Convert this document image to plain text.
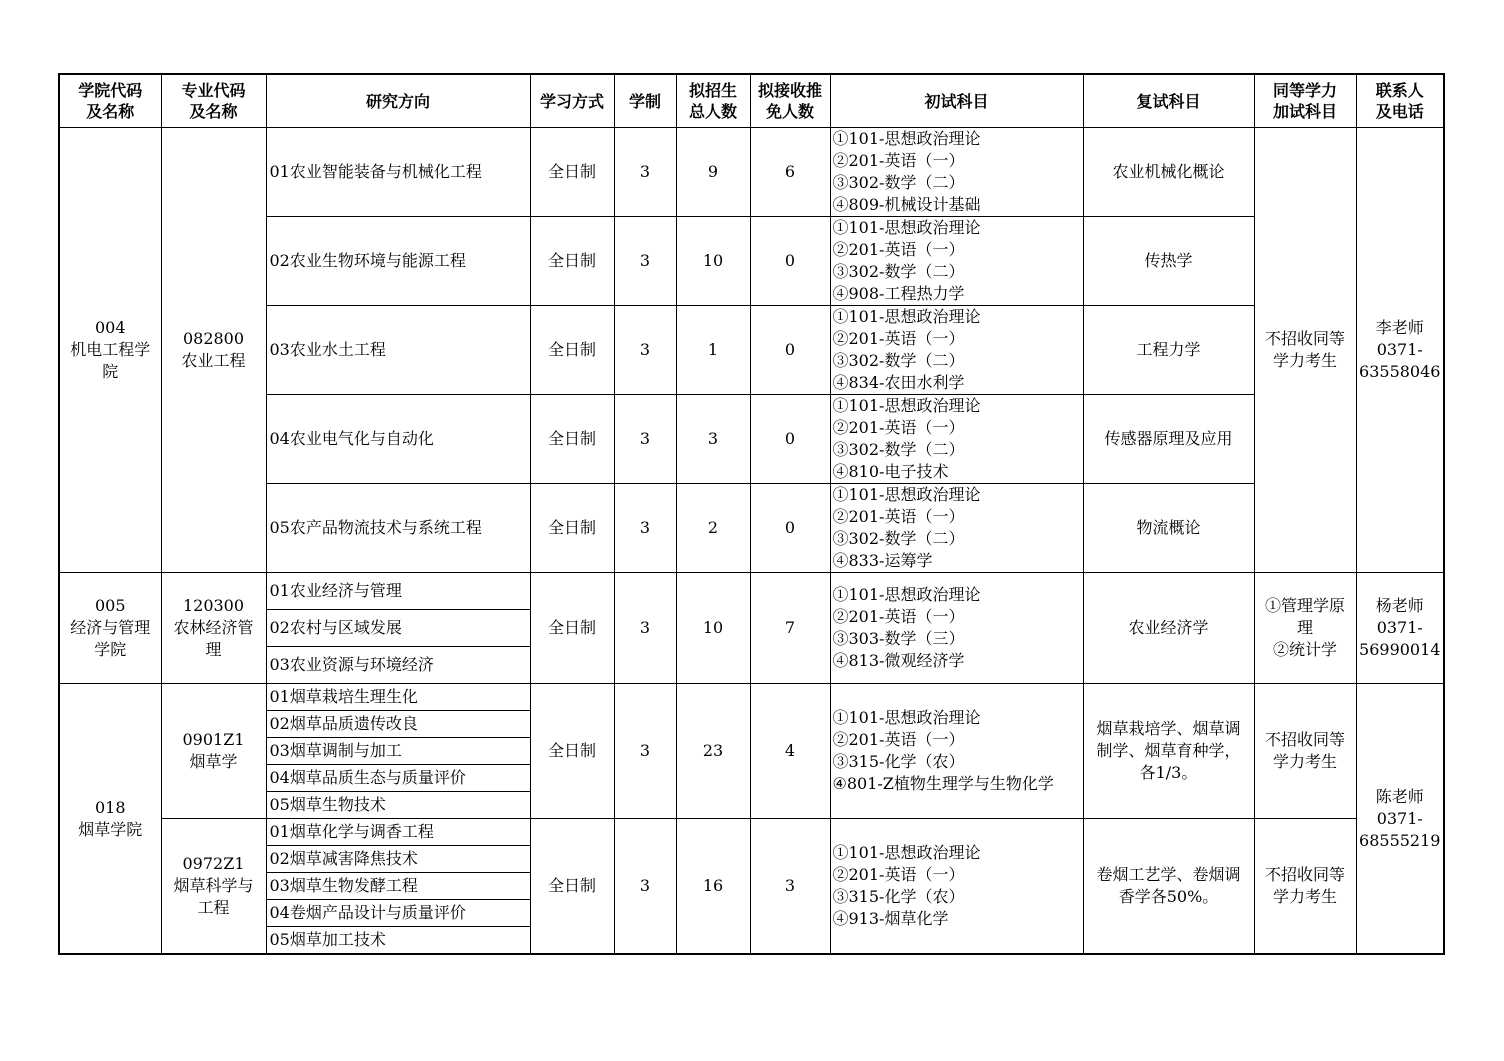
学院代码
及名称	专业代码
及名称	研究方向	学习方式	学制	拟招生
总人数	拟接收推
免人数	初试科目	复试科目	同等学力
加试科目	联系人
及电话

004
机电工程学
院	082800
农业工程	01农业智能装备与机械化工程	全日制	3	9	6	①101-思想政治理论
②201-英语（一）
③302-数学（二）
④809-机械设计基础	农业机械化概论	不招收同等
学力考生	李老师
0371-
63558046

		02农业生物环境与能源工程	全日制	3	10	0	①101-思想政治理论
②201-英语（一）
③302-数学（二）
④908-工程热力学	传热学		
		03农业水土工程	全日制	3	1	0	①101-思想政治理论
②201-英语（一）
③302-数学（二）
④834-农田水利学	工程力学		
		04农业电气化与自动化	全日制	3	3	0	①101-思想政治理论
②201-英语（一）
③302-数学（二）
④810-电子技术	传感器原理及应用		
		05农产品物流技术与系统工程	全日制	3	2	0	①101-思想政治理论
②201-英语（一）
③302-数学（二）
④833-运筹学	物流概论		

005
经济与管理
学院	120300
农林经济管
理	01农业经济与管理	全日制	3	10	7	①101-思想政治理论
②201-英语（一）
③303-数学（三）
④813-微观经济学	农业经济学	①管理学原
理
②统计学	杨老师
0371-
56990014

		02农村与区域发展								
		03农业资源与环境经济								

018
烟草学院	0901Z1
烟草学	01烟草栽培生理生化	全日制	3	23	4	①101-思想政治理论
②201-英语（一）
③315-化学（农）
④801-Z植物生理学与生物化学	烟草栽培学、烟草调
制学、烟草育种学，
各1/3。	不招收同等
学力考生	陈老师
0371-
68555219

		02烟草品质遗传改良								
		03烟草调制与加工								
		04烟草品质生态与质量评价								
		05烟草生物技术								

	0972Z1
烟草科学与
工程	01烟草化学与调香工程	全日制	3	16	3	①101-思想政治理论
②201-英语（一）
③315-化学（农）
④913-烟草化学	卷烟工艺学、卷烟调
香学各50%。	不招收同等
学力考生	

		02烟草减害降焦技术								
		03烟草生物发酵工程								
		04卷烟产品设计与质量评价								
		05烟草加工技术								
